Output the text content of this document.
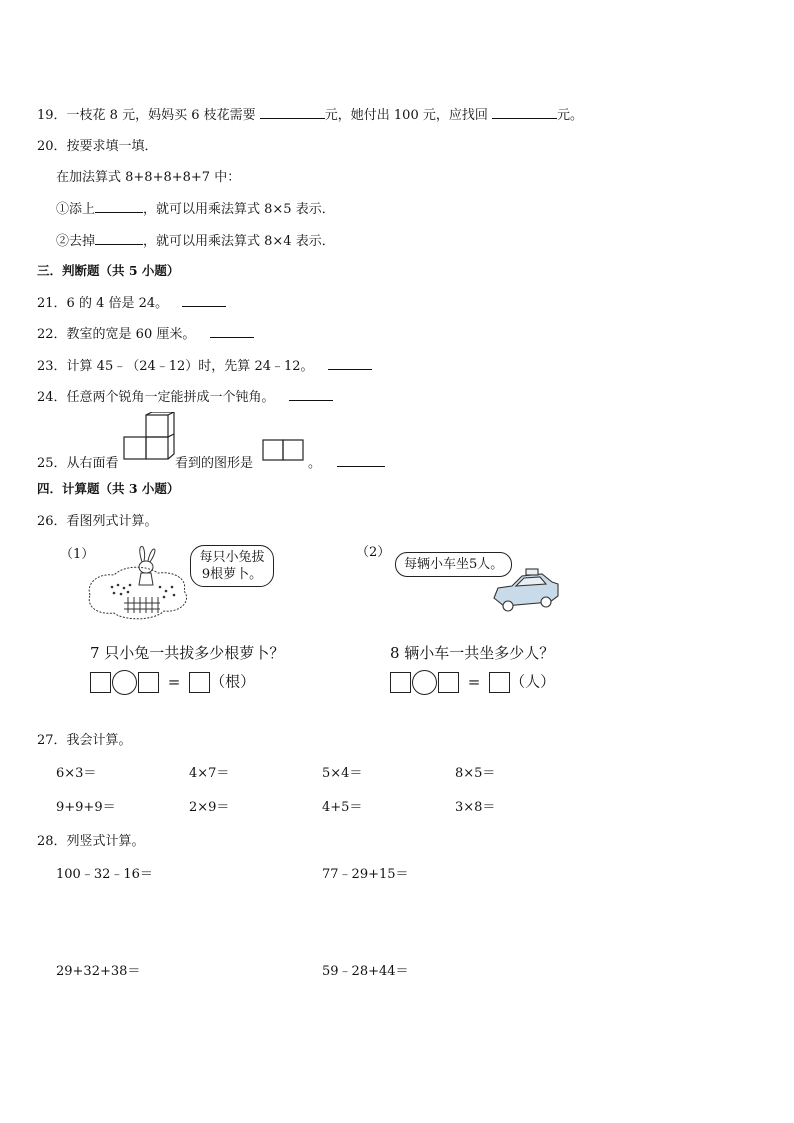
19．一枝花 8 元，妈妈买 6 枝花需要	元，她付出 100 元，应找回	元。
20．按要求填一填．
在加法算式 8+8+8+8+7 中：
①添上	，就可以用乘法算式 8×5 表示．
②去掉	，就可以用乘法算式 8×4 表示．
三．判断题（共 5 小题）
21．6 的 4 倍是 24。
22．教室的宽是 60 厘米。
23．计算 45﹣（24﹣12）时，先算 24﹣12。
24．任意两个锐角一定能拼成一个钝角。
25．从右面看	看到的图形是	。
四．计算题（共 3 小题）
26．看图列式计算。
（1）	每只小兔拔
9根萝卜。
7 只小兔一共拔多少根萝卜？
= （根）
（2）
每辆小车坐5人。
8 辆小车一共坐多少人？
= （人）
27．我会计算。
6×3＝	4×7＝	5×4＝	8×5＝
9+9+9＝	2×9＝	4+5＝	3×8＝
28．列竖式计算。
100﹣32﹣16＝	77﹣29+15＝
29+32+38＝	59﹣28+44＝
